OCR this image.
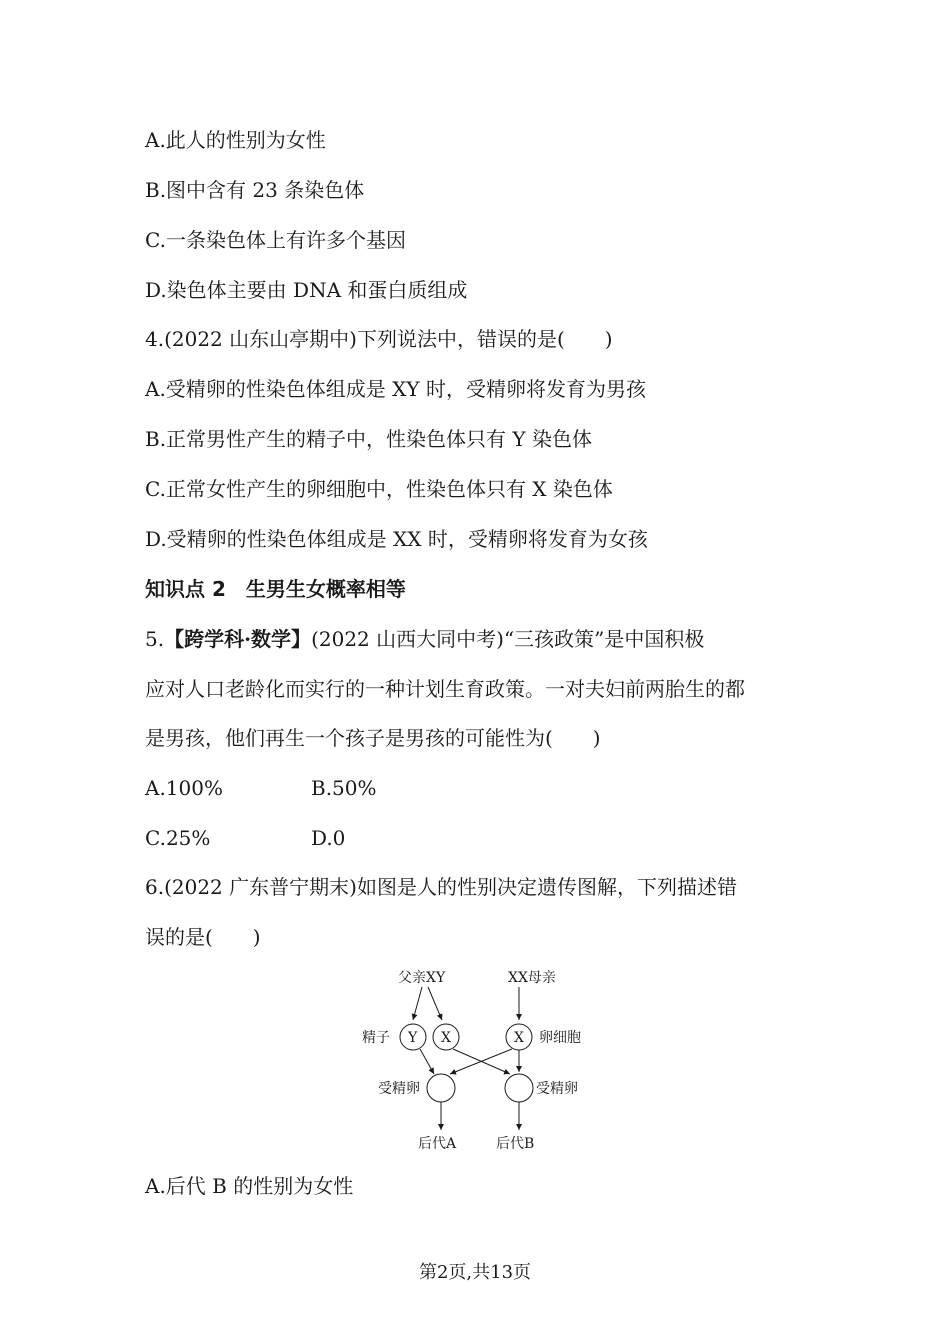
A.此人的性别为女性
B.图中含有 23 条染色体
C.一条染色体上有许多个基因
D.染色体主要由 DNA 和蛋白质组成
4.(2022 山东山亭期中)下列说法中，错误的是(　　)
A.受精卵的性染色体组成是 XY 时，受精卵将发育为男孩
B.正常男性产生的精子中，性染色体只有 Y 染色体
C.正常女性产生的卵细胞中，性染色体只有 X 染色体
D.受精卵的性染色体组成是 XX 时，受精卵将发育为女孩
知识点 2　生男生女概率相等
5.【跨学科·数学】(2022 山西大同中考)“三孩政策”是中国积极
应对人口老龄化而实行的一种计划生育政策。一对夫妇前两胎生的都
是男孩，他们再生一个孩子是男孩的可能性为(　　)
A.100%	B.50%
C.25%	D.0
6.(2022 广东普宁期末)如图是人的性别决定遗传图解，下列描述错
误的是(　　)
父亲XY	XX母亲
精子 Y X	X 卵细胞
受精卵	受精卵
后代A	后代B
A.后代 B 的性别为女性
第2页,共13页
